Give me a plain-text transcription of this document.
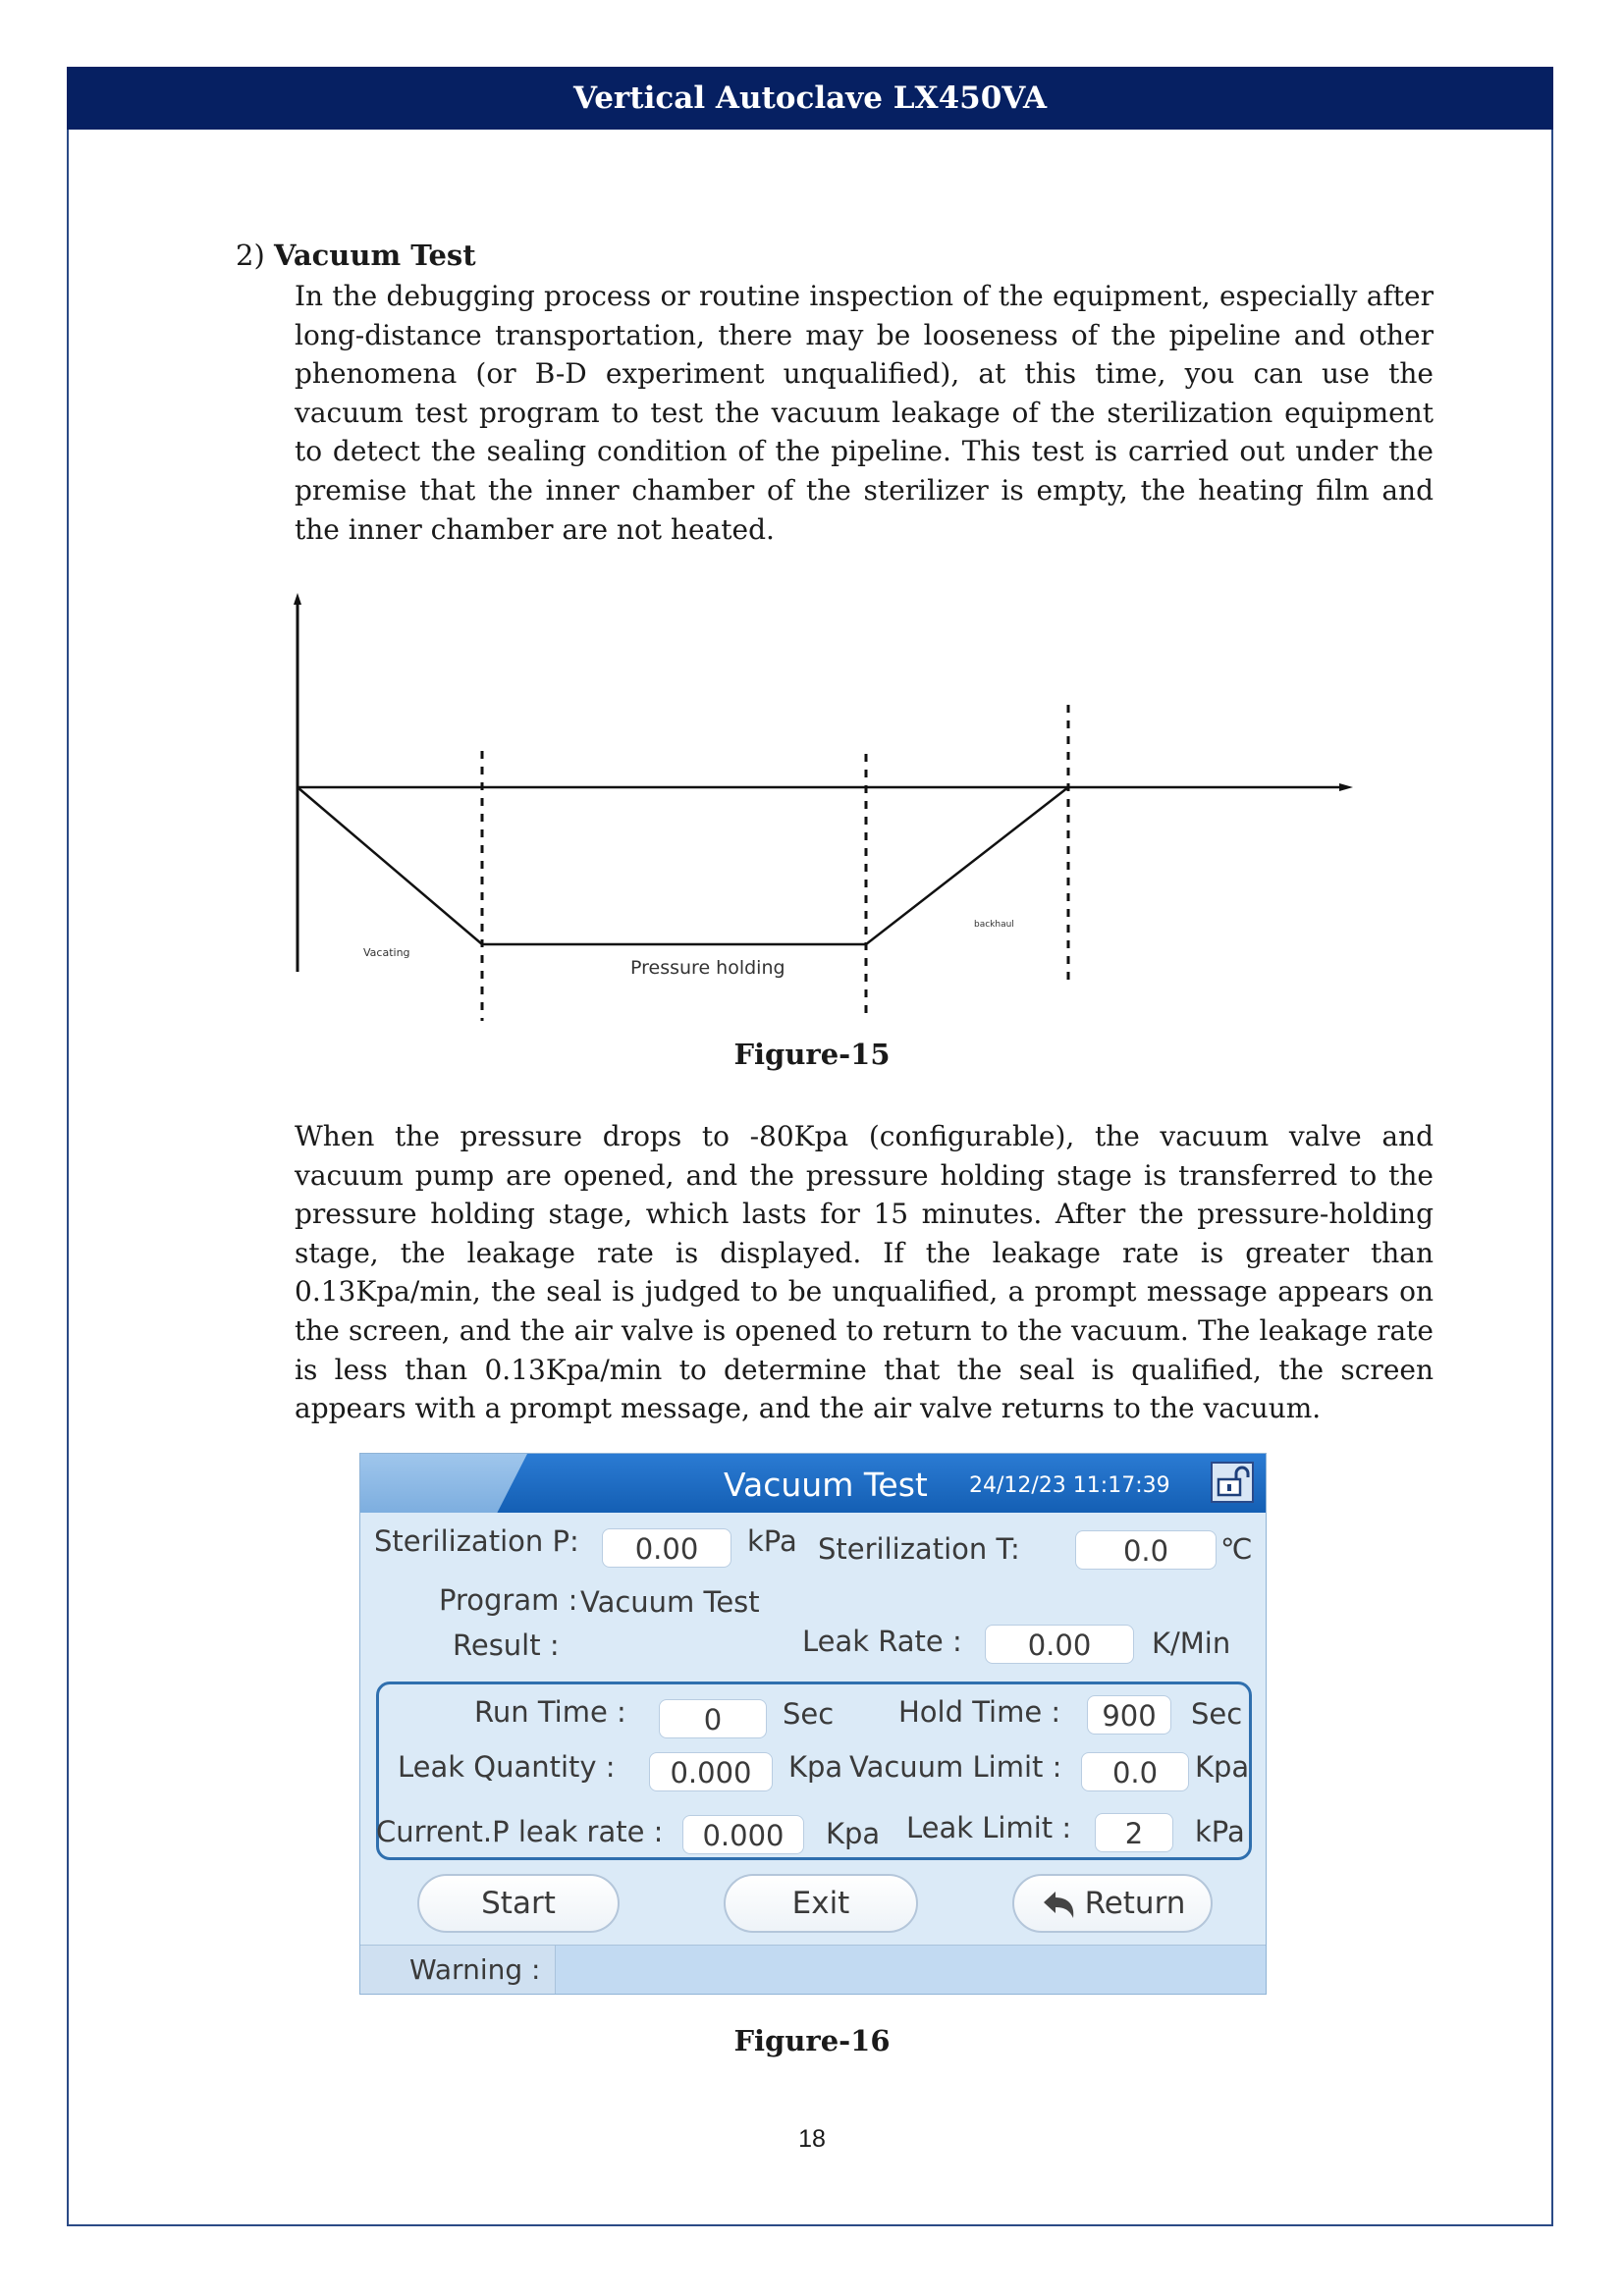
Vertical Autoclave LX450VA
2) Vacuum Test

In the debugging process or routine inspection of the equipment, especially after long-distance transportation, there may be looseness of the pipeline and other phenomena (or B-D experiment unqualified), at this time, you can use the vacuum test program to test the vacuum leakage of the sterilization equipment to detect the sealing condition of the pipeline. This test is carried out under the premise that the inner chamber of the sterilizer is empty, the heating film and the inner chamber are not heated.

Vacating
Pressure holding
backhaul
Figure-15

When the pressure drops to -80Kpa (configurable), the vacuum valve and vacuum pump are opened, and the pressure holding stage is transferred to the pressure holding stage, which lasts for 15 minutes. After the pressure-holding stage, the leakage rate is displayed. If the leakage rate is greater than 0.13Kpa/min, the seal is judged to be unqualified, a prompt message appears on the screen, and the air valve is opened to return to the vacuum. The leakage rate is less than 0.13Kpa/min to determine that the seal is qualified, the screen appears with a prompt message, and the air valve returns to the vacuum.

Vacuum Test 24/12/23 11:17:39
Sterilization P:	0.00	kPa Sterilization T:	0.0	℃
Program : Vacuum Test
Result :	Leak Rate :	0.00	K/Min
Run Time :	0	Sec Hold Time :	900	Sec
Leak Quantity :	0.000	Kpa Vacuum Limit :	0.0	Kpa
Current.P leak rate :	0.000	Kpa Leak Limit :	2	kPa
Start	Exit	Return
Warning :
Figure-16
18
